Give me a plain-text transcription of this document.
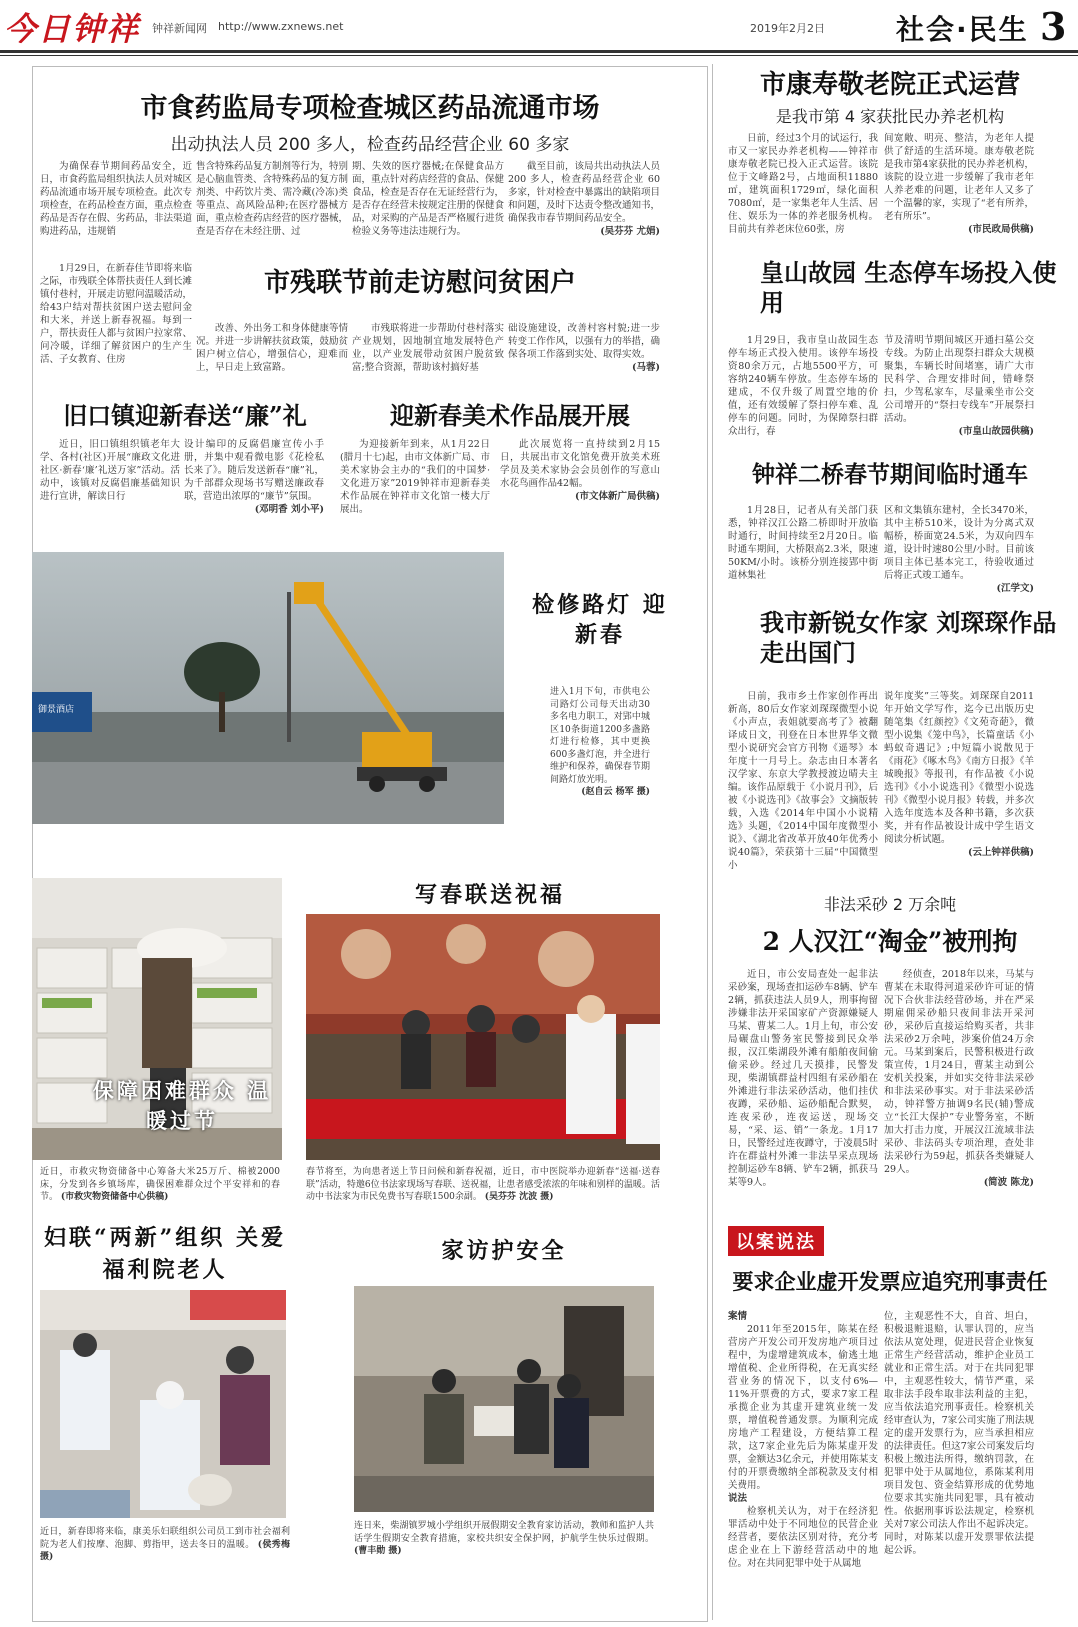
今日钟祥 钟祥新闻网 http://www.zxnews.net	2019年2月2日	社会·民生 3
市食药监局专项检查城区药品流通市场
出动执法人员 200 多人，检查药品经营企业 60 多家

为确保春节期间药品安全，近日，市食药监局组织执法人员对城区药品流通市场开展专项检查。此次专项检查，在药品检查方面，重点检查药品是否存在假、劣药品，非法渠道购进药品，违规销

售含特殊药品复方制剂等行为，特别是心脑血管类、含特殊药品的复方制剂类、中药饮片类、需冷藏(冷冻)类等重点、高风险品种;在医疗器械方面，重点检查药店经营的医疗器械，查是否存在未经注册、过

期、失效的医疗器械;在保健食品方面，重点针对药店经营的食品、保健食品，检查是否存在无证经营行为，是否存在经营未按规定注册的保健食品，对采购的产品是否严格履行进货检验义务等违法违规行为。

截至目前，该局共出动执法人员 200 多人，检查药品经营企业 60 多家，针对检查中暴露出的缺陷项目和问题，及时下达责令整改通知书，确保我市春节期间药品安全。

(吴芬芬 尤娟)

1月29日，在新春佳节即将来临之际，市残联全体帮扶责任人到长滩镇付巷村，开展走访慰问温暖活动，给43户结对帮扶贫困户送去慰问金和大米，并送上新春祝福。每到一户，帮扶责任人都与贫困户拉家常、问冷暖，详细了解贫困户的生产生活、子女教育、住房

市残联节前走访慰问贫困户

改善、外出务工和身体健康等情况。并进一步讲解扶贫政策，鼓励贫困户树立信心，增强信心，迎难而上，早日走上致富路。

市残联将进一步帮助付巷村落实产业规划，因地制宜地发展特色产业，以产业发展带动贫困户脱贫致富;整合资源，帮助该村搞好基

础设施建设，改善村容村貌;进一步转变工作作风，以强有力的举措，确保各项工作落到实处、取得实效。

(马蓉)
旧口镇迎新春送“廉”礼

近日，旧口镇组织镇老年大学、各村(社区)开展“廉政文化进社区·新春‘廉’礼送万家”活动。活动中，该镇对反腐倡廉基础知识进行宣讲，解读日行

设计编印的反腐倡廉宣传小手册，并集中观看微电影《花检私长来了》。随后发送新春“廉”礼，为千部群众现场书写赠送廉政春联，营造出浓厚的“廉节”氛围。

(邓明香 刘小平)
迎新春美术作品展开展

为迎接新年到来，从1月22日(腊月十七)起，由市文体新广局、市美术家协会主办的“我们的中国梦·文化进万家”2019钟祥市迎新春美术作品展在钟祥市文化馆一楼大厅展出。

此次展览将一直持续到2月15日，共展出市文化馆免费开放美术班学员及美术家协会会员创作的写意山水花鸟画作品42幅。

(市文体新广局供稿)
御景酒店
检修路灯 迎新春
进入1月下旬，市供电公司路灯公司每天出动30多名电力职工，对郢中城区10条街道1200多盏路灯进行检修，其中更换600多盏灯泡，并全进行维护和保养，确保春节期间路灯放光明。
(赵自云 杨军 摄)
保障困难群众 温暖过节
近日，市救灾物资储备中心筹备大米25万斤、棉被2000床，分发到各乡镇场库，确保困难群众过个平安祥和的春节。 (市救灾物资储备中心供稿)
写春联送祝福
春节将至，为向患者送上节日问候和新春祝福，近日，市中医院举办迎新春“送福·送春联”活动，特邀6位书法家现场写春联、送祝福，让患者感受浓浓的年味和别样的温暖。活动中书法家为市民免费书写春联1500余副。 (吴芬芬 沈波 摄)
妇联“两新”组织 关爱福利院老人
近日，新春即将来临，康美乐妇联组织公司员工到市社会福利院为老人们按摩、泡脚、剪指甲，送去冬日的温暖。 (侯秀梅 摄)
家访护安全
连日来，柴湖镇罗城小学组织开展假期安全教育家访活动，教师和监护人共话学生假期安全教育措施，家校共织安全保护网，护航学生快乐过假期。 (曹丰勋 摄)
市康寿敬老院正式运营
是我市第 4 家获批民办养老机构

日前，经过3个月的试运行，我市又一家民办养老机构——钟祥市康寿敬老院已投入正式运营。该院位于文峰路2号，占地面积11880㎡，建筑面积1729㎡，绿化面积7080㎡，是一家集老年人生活、居住、娱乐为一体的养老服务机构。目前共有养老床位60张，房

间宽敞、明亮、整洁，为老年人提供了舒适的生活环境。康寿敬老院是我市第4家获批的民办养老机构，该院的设立进一步缓解了我市老年人养老难的问题，让老年人又多了一个温馨的家，实现了“老有所养，老有所乐”。

(市民政局供稿)
皇山故园 生态停车场投入使用

1月29日，我市皇山故园生态停车场正式投入使用。该停车场投资80余万元，占地5500平方，可容纳240辆车停放。生态停车场的建成，不仅升级了周置空地的价值，还有效缓解了祭扫停车难、乱停车的问题。同时，为保障祭扫群众出行，春

节及清明节期间城区开通扫墓公交专线。为防止出现祭扫群众大规模聚集，车辆长时间堵塞，请广大市民科学、合理安排时间，错峰祭扫，少驾私家车，尽量乘坐市公交公司增开的“祭扫专线车”开展祭扫活动。

(市皇山故园供稿)
钟祥二桥春节期间临时通车

1月28日，记者从有关部门获悉，钟祥汉江公路二桥即时开放临时通行，时间持续至2月20日。临时通车期间，大桥限高2.3米，限速50KM/小时。该桥分别连接郢中街道林集社

区和文集镇东建村，全长3470米，其中主桥510米，设计为分离式双幅桥，桥面宽24.5米，为双向四车道，设计时速80公里/小时。目前该项目主体已基本完工，待验收通过后将正式竣工通车。

(江学文)
我市新锐女作家 刘琛琛作品走出国门

日前，我市乡土作家创作再出新高，80后女作家刘琛琛微型小说《小声点，表姐就要高考了》被翻译成日文，刊登在日本世界华文微型小说研究会官方刊物《遥琴》本年度十一月号上。杂志由日本著名汉学家、东京大学教授渡边晴夫主编。该作品原载于《小说月刊》，后被《小说选刊》《故事会》文摘版转载，入选《2014年中国小小说精选》头题，《2014中国年度微型小说》、《湖北省改革开放40年优秀小说40篇》，荣获第十三届“中国微型小

说年度奖”三等奖。刘琛琛自2011年开始文学写作，迄今已出版历史随笔集《红颜控》《文苑奇葩》，微型小说集《笼中鸟》，长篇童话《小蚂蚁奇遇记》;中短篇小说散见于《雨花》《啄木鸟》《南方日报》《羊城晚报》等报刊，有作品被《小说选刊》《小小说选刊》《微型小说选刊》《微型小说月报》转载，并多次入选年度选本及各种书籍，多次获奖，并有作品被设计成中学生语文阅读分析试题。

(云上钟祥供稿)
非法采砂 2 万余吨
2 人汉江“淘金”被刑拘

近日，市公安局查处一起非法采砂案，现场查扣运砂车8辆、铲车2辆，抓获违法人员9人，刑事拘留涉嫌非法开采国家矿产资源嫌疑人马某、曹某二人。1月上旬，市公安局碾盘山警务室民警接到民众举报，汉江柴湖段外滩有船舶夜间偷偷采砂。经过几天摸排，民警发现，柴湖镇群益村四组有采砂船在外滩进行非法采砂活动，他们挂伏夜蹲，采砂船、运砂船配合默契，连夜采砂，连夜运送，现场交易，“采、运、销”一条龙。1月17日，民警经过连夜蹲守，于凌晨5时许在群益村外滩一非法旱采点现场控制运砂车8辆、铲车2辆，抓获马某等9人。

经侦查，2018年以来，马某与曹某在未取得河道采砂许可证的情况下合伙非法经营砂场，并在严采期雇佣采砂船只夜间非法开采河砂，采砂后直接运给购买者，共非法采砂2万余吨，涉案价值24万余元。马某到案后，民警积极进行政策宣传，1月24日，曹某主动到公安机关投案，并如实交待非法采砂和非法采砂事实。对于非法采砂活动，钟祥警方抽调9名民(辅)警成立“长江大保护”专业警务室，不断加大打击力度，开展汉江流域非法采砂、非法码头专项治理，查处非法采砂行为59起，抓获各类嫌疑人29人。

(简波 陈龙)
以案说法
要求企业虚开发票应追究刑事责任
案情

2011年至2015年，陈某在经营房产开发公司开发房地产项目过程中，为虚增建筑成本，偷逃土地增值税、企业所得税，在无真实经营业务的情况下，以支付6%—11%开票费的方式，要求7家工程承揽企业为其虚开建筑业统一发票，增值税普通发票。为顺利完成房地产工程建设，方便结算工程款，这7家企业先后为陈某虚开发票，金额达3亿余元，并使用陈某支付的开票费缴纳全部税款及支付相关费用。

说法

检察机关认为，对于在经济犯罪活动中处于不同地位的民营企业经营者，要依法区别对待，充分考虑企业在上下游经营活动中的地位。对在共同犯罪中处于从属地

位，主观恶性不大，自首、坦白，积极退赃退赔，认罪认罚的，应当依法从宽处理，促进民营企业恢复正常生产经营活动，维护企业员工就业和正常生活。对于在共同犯罪中，主观恶性较大，情节严重，采取非法手段牟取非法利益的主犯，应当依法追究刑事责任。检察机关经审查认为，7家公司实施了刑法规定的虚开发票行为，应当承担相应的法律责任。但这7家公司案发后均积极上缴违法所得，缴纳罚款，在犯罪中处于从属地位，系陈某利用项目发包、资金结算形成的优势地位要求其实施共同犯罪，具有被动性。依据刑事诉讼法规定，检察机关对7家公司法人作出不起诉决定。同时，对陈某以虚开发票罪依法提起公诉。
